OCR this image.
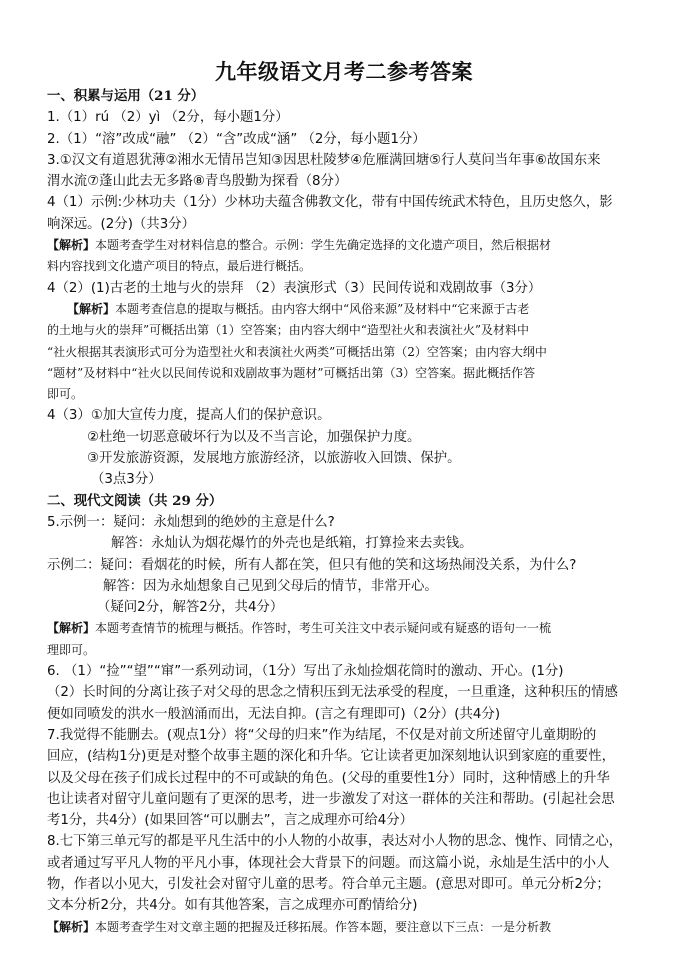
九年级语文月考二参考答案
一、积累与运用（21 分）
1.（1）rú （2）yì （2分，每小题1分）
2.（1）“溶”改成“融” （2）“含”改成“涵” （2分，每小题1分）
3.①汉文有道恩犹薄②湘水无情吊岂知③因思杜陵梦④危雁满回塘⑤行人莫问当年事⑥故国东来
渭水流⑦蓬山此去无多路⑧青鸟殷勤为探看（8分）
4（1）示例:少林功夫（1分）少林功夫蕴含佛教文化，带有中国传统武术特色，且历史悠久，影
响深远。(2分)（共3分）
【解析】本题考查学生对材料信息的整合。示例：学生先确定选择的文化遗产项目，然后根据材
料内容找到文化遗产项目的特点，最后进行概括。
4（2）(1)古老的土地与火的崇拜 （2）表演形式（3）民间传说和戏剧故事（3分）
【解析】本题考查信息的提取与概括。由内容大纲中“风俗来源”及材料中“它来源于古老
的土地与火的崇拜”可概括出第（1）空答案；由内容大纲中“造型社火和表演社火”及材料中
“社火根据其表演形式可分为造型社火和表演社火两类”可概括出第（2）空答案；由内容大纲中
“题材”及材料中“社火以民间传说和戏剧故事为题材”可概括出第（3）空答案。据此概括作答
即可。
4（3）①加大宣传力度，提高人们的保护意识。
②杜绝一切恶意破坏行为以及不当言论，加强保护力度。
③开发旅游资源，发展地方旅游经济，以旅游收入回馈、保护。
（3点3分）
二、现代文阅读（共 29 分）
5.示例一：疑问：永灿想到的绝妙的主意是什么?
解答：永灿认为烟花爆竹的外壳也是纸箱，打算捡来去卖钱。
示例二：疑问：看烟花的时候，所有人都在笑，但只有他的笑和这场热闹没关系，为什么?
解答：因为永灿想象自己见到父母后的情节，非常开心。
（疑问2分，解答2分，共4分）
【解析】本题考查情节的梳理与概括。作答时，考生可关注文中表示疑问或有疑惑的语句一一梳
理即可。
6. （1）“捡”“望”“窜”一系列动词，（1分）写出了永灿捡烟花筒时的激动、开心。(1分)
（2）长时间的分离让孩子对父母的思念之情积压到无法承受的程度，一旦重逢，这种积压的情感
便如同喷发的洪水一般汹涌而出，无法自抑。(言之有理即可)（2分）(共4分)
7.我觉得不能删去。(观点1分）将“父母的归来”作为结尾，不仅是对前文所述留守儿童期盼的
回应，(结构1分)更是对整个故事主题的深化和升华。它让读者更加深刻地认识到家庭的重要性，
以及父母在孩子们成长过程中的不可或缺的角色。(父母的重要性1分）同时，这种情感上的升华
也让读者对留守儿童问题有了更深的思考，进一步激发了对这一群体的关注和帮助。(引起社会思
考1分，共4分）(如果回答“可以删去”，言之成理亦可给4分）
8.七下第三单元写的都是平凡生活中的小人物的小故事，表达对小人物的思念、愧怍、同情之心，
或者通过写平凡人物的平凡小事，体现社会大背景下的问题。而这篇小说，永灿是生活中的小人
物，作者以小见大，引发社会对留守儿童的思考。符合单元主题。(意思对即可。单元分析2分；
文本分析2分，共4分。如有其他答案，言之成理亦可酌情给分)
【解析】本题考查学生对文章主题的把握及迁移拓展。作答本题，要注意以下三点：一是分析教
